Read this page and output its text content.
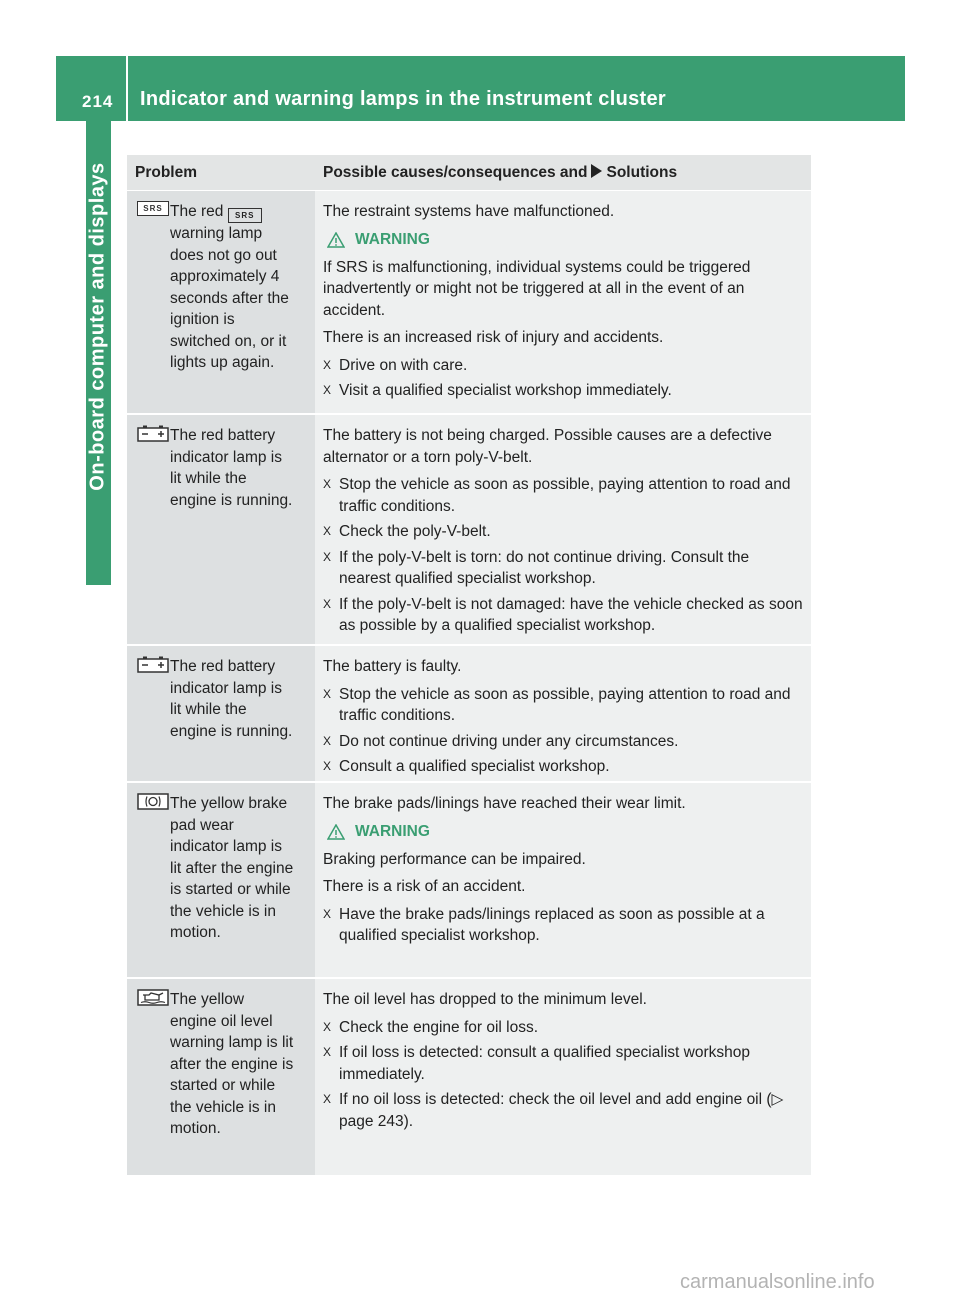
214 Indicator and warning lamps in the instrument cluster
On-board computer and displays	Problem	Possible causes/consequences and Solutions
SRS The red SRS warning lamp does not go out approximately 4 seconds after the ignition is switched on, or it lights up again.

The restraint systems have malfunctioned.

WARNING

If SRS is malfunctioning, individual systems could be triggered inadvertently or might not be triggered at all in the event of an accident.

There is an increased risk of injury and accidents.

X Drive on with care.
X Visit a qualified specialist workshop immediately.
The red battery indicator lamp is lit while the engine is running.

The battery is not being charged. Possible causes are a defective alternator or a torn poly-V-belt.

X Stop the vehicle as soon as possible, paying attention to road and traffic conditions.
X Check the poly-V-belt.
X If the poly-V-belt is torn: do not continue driving. Consult the nearest qualified specialist workshop.
X If the poly-V-belt is not damaged: have the vehicle checked as soon as possible by a qualified specialist workshop.
The red battery indicator lamp is lit while the engine is running.

The battery is faulty.

X Stop the vehicle as soon as possible, paying attention to road and traffic conditions.
X Do not continue driving under any circumstances.
X Consult a qualified specialist workshop.
The yellow brake pad wear indicator lamp is lit after the engine is started or while the vehicle is in motion.

The brake pads/linings have reached their wear limit.

WARNING

Braking performance can be impaired.

There is a risk of an accident.

X Have the brake pads/linings replaced as soon as possible at a qualified specialist workshop.
The yellow engine oil level warning lamp is lit after the engine is started or while the vehicle is in motion.

The oil level has dropped to the minimum level.

X Check the engine for oil loss.
X If oil loss is detected: consult a qualified specialist workshop immediately.
X If no oil loss is detected: check the oil level and add engine oil (▷ page 243).
carmanualsonline.info
